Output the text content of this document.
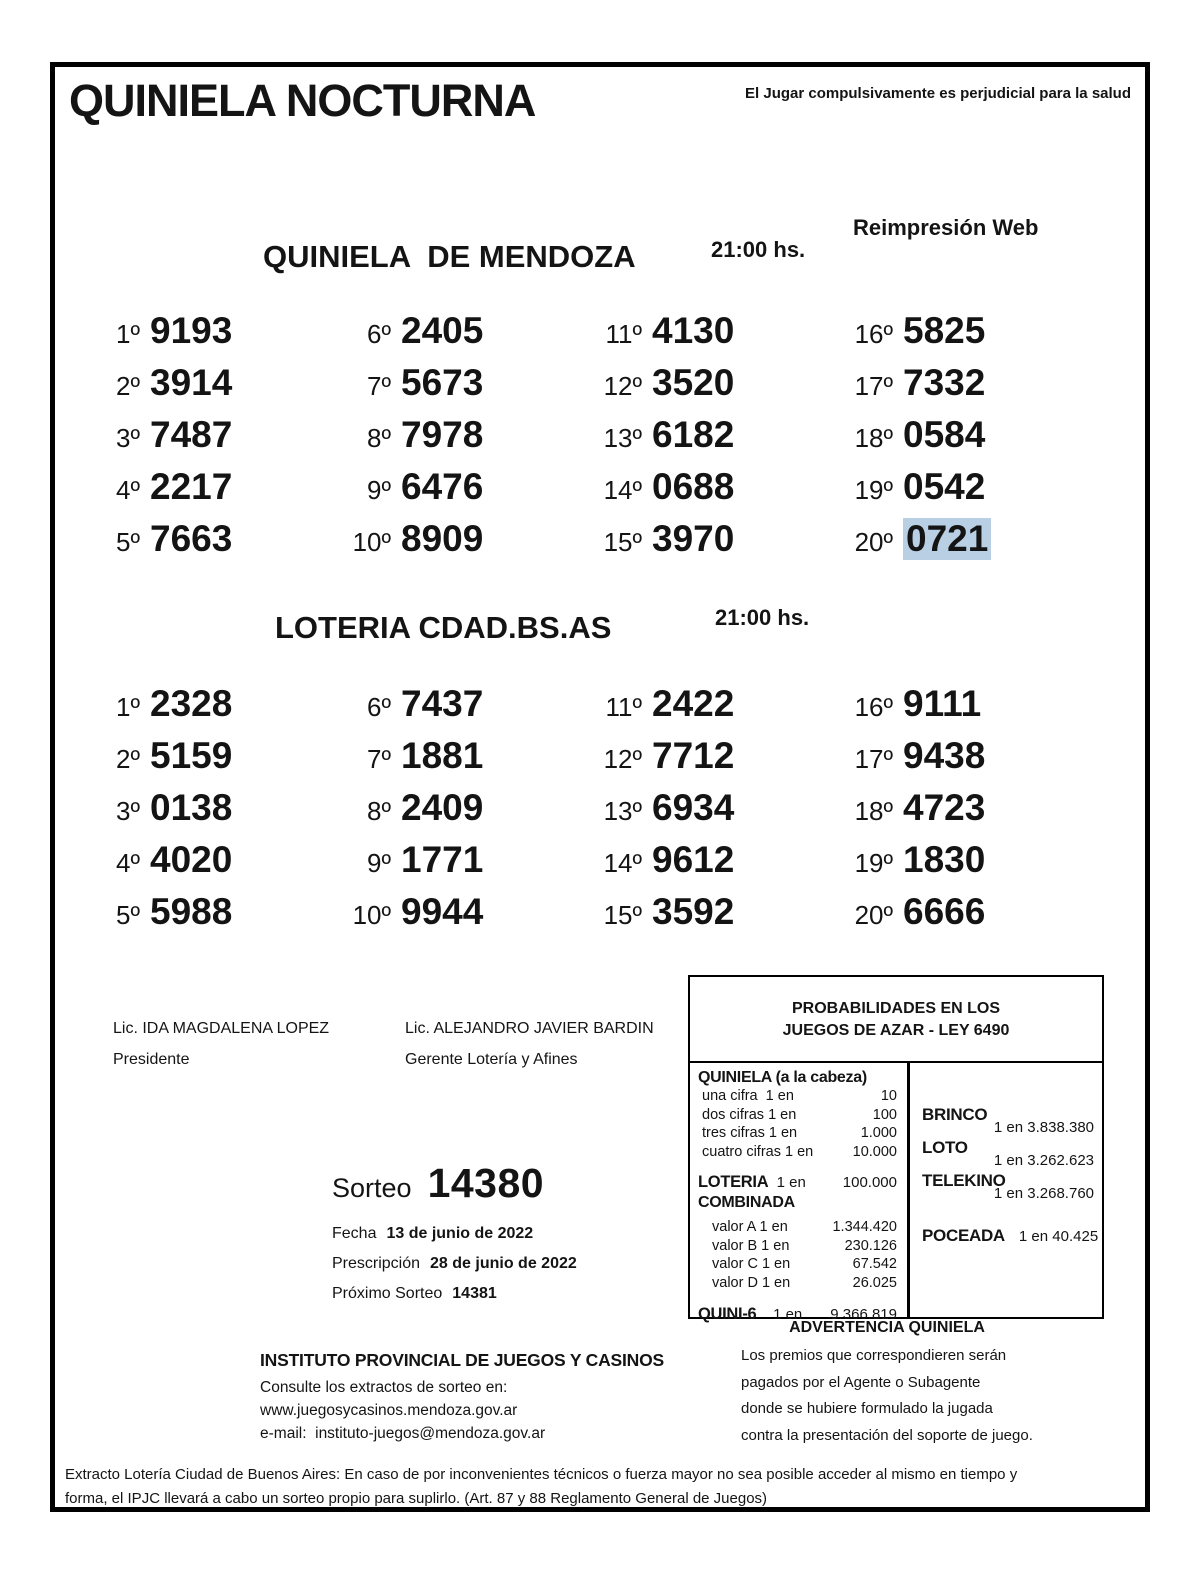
QUINIELA NOCTURNA	El Jugar compulsivamente es perjudicial para la salud
Reimpresión Web
QUINIELA  DE MENDOZA	21:00 hs.
1º 9193
2º 3914
3º 7487
4º 2217
5º 7663
6º 2405
7º 5673
8º 7978
9º 6476
10º 8909
11º 4130
12º 3520
13º 6182
14º 0688
15º 3970
16º 5825
17º 7332
18º 0584
19º 0542
20º 0721
LOTERIA CDAD.BS.AS	21:00 hs.
1º 2328
2º 5159
3º 0138
4º 4020
5º 5988
6º 7437
7º 1881
8º 2409
9º 1771
10º 9944
11º 2422
12º 7712
13º 6934
14º 9612
15º 3592
16º 9111
17º 9438
18º 4723
19º 1830
20º 6666
Lic. IDA MAGDALENA LOPEZ
Presidente
Lic. ALEJANDRO JAVIER BARDIN
Gerente Lotería y Afines
PROBABILIDADES EN LOS
JUEGOS DE AZAR - LEY 6490
QUINIELA (a la cabeza)
una cifra  1 en	10
dos cifras 1 en	100
tres cifras 1 en	1.000
cuatro cifras 1 en	10.000
LOTERIA 1 en 100.000
COMBINADA
valor A 1 en	1.344.420
valor B 1 en	230.126
valor C 1 en	67.542
valor D 1 en	26.025
QUINI-6 1 en 9.366.819
BRINCO
1 en 3.838.380
LOTO
1 en 3.262.623
TELEKINO
1 en 3.268.760
POCEADA 1 en 40.425
Sorteo 14380
Fecha 13 de junio de 2022
Prescripción 28 de junio de 2022
Próximo Sorteo 14381
ADVERTENCIA QUINIELA
Los premios que correspondieren serán
pagados por el Agente o Subagente
donde se hubiere formulado la jugada
contra la presentación del soporte de juego.
INSTITUTO PROVINCIAL DE JUEGOS Y CASINOS
Consulte los extractos de sorteo en:
www.juegosycasinos.mendoza.gov.ar
e-mail:  instituto-juegos@mendoza.gov.ar
Extracto Lotería Ciudad de Buenos Aires: En caso de por inconvenientes técnicos o fuerza mayor no sea posible acceder al mismo en tiempo y
forma, el IPJC llevará a cabo un sorteo propio para suplirlo. (Art. 87 y 88 Reglamento General de Juegos)
